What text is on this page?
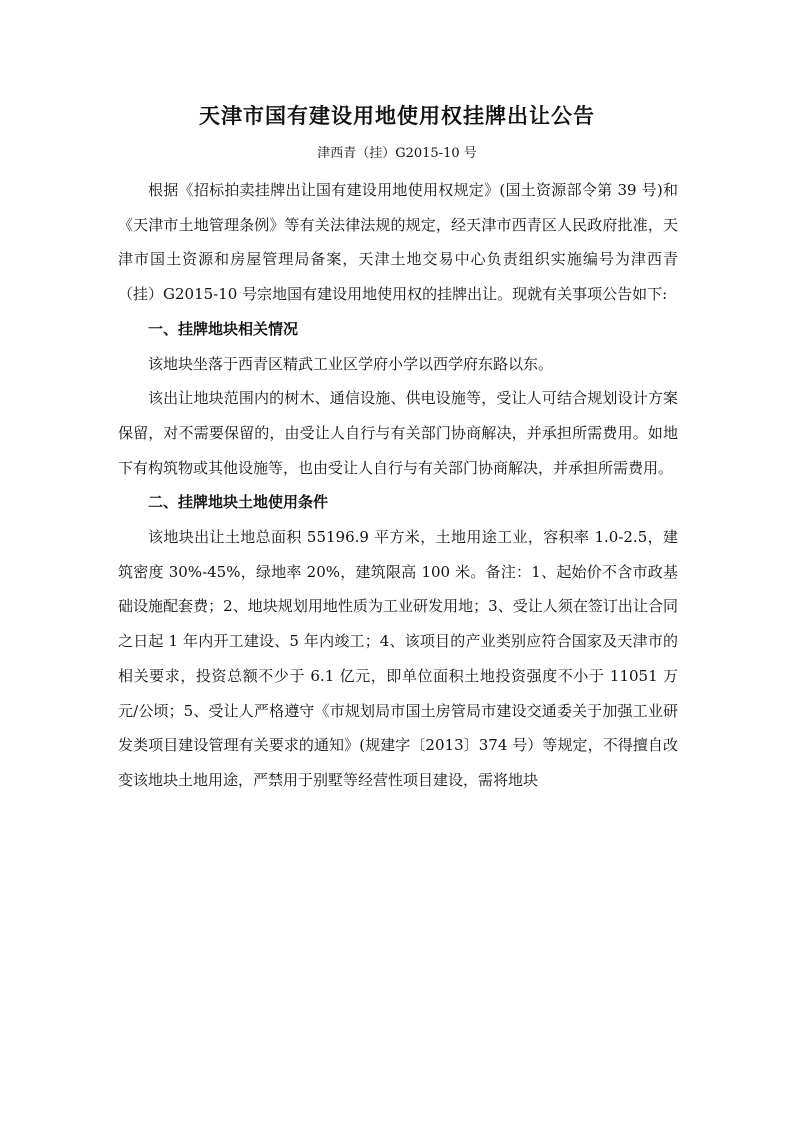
天津市国有建设用地使用权挂牌出让公告
津西青（挂）G2015-10 号

根据《招标拍卖挂牌出让国有建设用地使用权规定》(国土资源部令第 39 号)和《天津市土地管理条例》等有关法律法规的规定，经天津市西青区人民政府批准，天津市国土资源和房屋管理局备案，天津土地交易中心负责组织实施编号为津西青（挂）G2015-10 号宗地国有建设用地使用权的挂牌出让。现就有关事项公告如下:

一、挂牌地块相关情况

该地块坐落于西青区精武工业区学府小学以西学府东路以东。

该出让地块范围内的树木、通信设施、供电设施等，受让人可结合规划设计方案保留，对不需要保留的，由受让人自行与有关部门协商解决，并承担所需费用。如地下有构筑物或其他设施等，也由受让人自行与有关部门协商解决，并承担所需费用。

二、挂牌地块土地使用条件

该地块出让土地总面积 55196.9 平方米，土地用途工业，容积率 1.0-2.5，建筑密度 30%-45%，绿地率 20%，建筑限高 100 米。备注：1、起始价不含市政基础设施配套费；2、地块规划用地性质为工业研发用地；3、受让人须在签订出让合同之日起 1 年内开工建设、5 年内竣工；4、该项目的产业类别应符合国家及天津市的相关要求，投资总额不少于 6.1 亿元，即单位面积土地投资强度不小于 11051 万元/公顷；5、受让人严格遵守《市规划局市国土房管局市建设交通委关于加强工业研发类项目建设管理有关要求的通知》(规建字〔2013〕374 号）等规定，不得擅自改变该地块土地用途，严禁用于别墅等经营性项目建设，需将地块
